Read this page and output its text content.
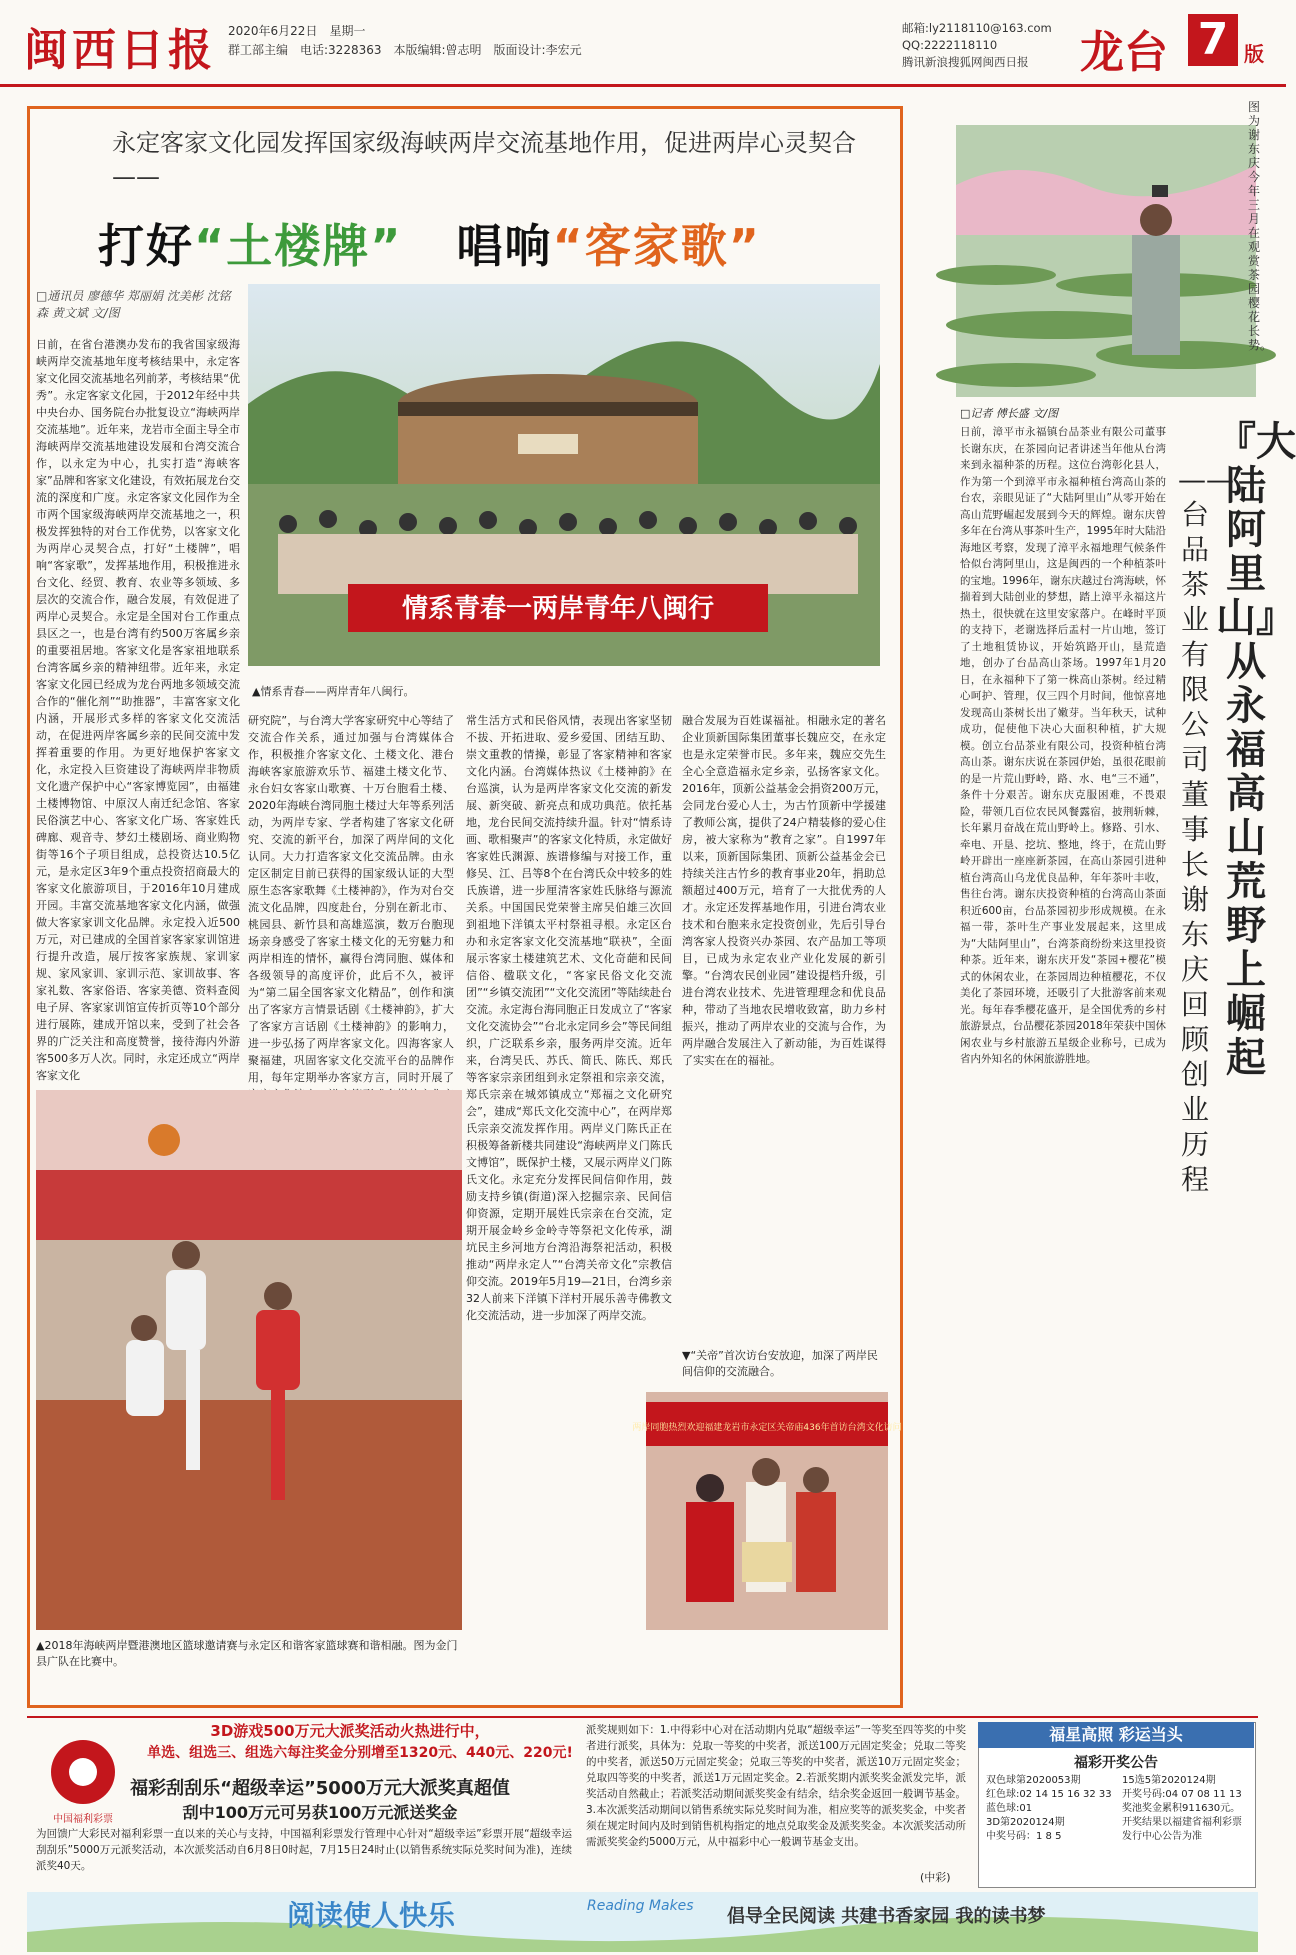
闽西日报 2020年6月22日　星期一
群工部主编　电话:3228363　本版编辑:曾志明　版面设计:李宏元
邮箱:ly2118110@163.com
QQ:2222118110
腾讯新浪搜狐网闽西日报	龙台 7 版
永定客家文化园发挥国家级海峡两岸交流基地作用，促进两岸心灵契合——
打好“土楼牌” 唱响“客家歌”
□通讯员 廖德华 郑丽娟 沈美彬 沈铭森 黄文斌 文/图
情系青春一两岸青年八闽行
▲情系青春——两岸青年八闽行。
日前，在省台港澳办发布的我省国家级海峡两岸交流基地年度考核结果中，永定客家文化园交流基地名列前茅，考核结果“优秀”。永定客家文化园，于2012年经中共中央台办、国务院台办批复设立“海峡两岸交流基地”。近年来，龙岩市全面主导全市海峡两岸交流基地建设发展和台湾交流合作，以永定为中心，扎实打造“海峡客家”品牌和客家文化建设，有效拓展龙台交流的深度和广度。永定客家文化园作为全市两个国家级海峡两岸交流基地之一，积极发挥独特的对台工作优势，以客家文化为两岸心灵契合点，打好“土楼牌”，唱响“客家歌”，发挥基地作用，积极推进永台文化、经贸、教育、农业等多领域、多层次的交流合作，融合发展，有效促进了两岸心灵契合。永定是全国对台工作重点县区之一，也是台湾有约500万客属乡亲的重要祖居地。客家文化是客家祖地联系台湾客属乡亲的精神纽带。近年来，永定客家文化园已经成为龙台两地多领域交流合作的“催化剂”“助推器”，丰富客家文化内涵，开展形式多样的客家文化交流活动，在促进两岸客属乡亲的民间交流中发挥着重要的作用。为更好地保护客家文化，永定投入巨资建设了海峡两岸非物质文化遗产保护中心“客家博览园”，由福建土楼博物馆、中原汉人南迁纪念馆、客家民俗演艺中心、客家文化广场、客家姓氏碑廊、观音寺、梦幻土楼剧场、商业购物街等16个子项目组成，总投资达10.5亿元，是永定区3年9个重点投资招商最大的客家文化旅游项目，于2016年10月建成开园。丰富交流基地客家文化内涵，做强做大客家家训文化品牌。永定投入近500万元，对已建成的全国首家客家家训馆进行提升改造，展厅按客家族规、家训家规、家风家训、家训示范、家训故事、客家礼数、客家俗语、客家美德、资料查阅电子屏、客家家训馆宣传折页等10个部分进行展陈，建成开馆以来，受到了社会各界的广泛关注和高度赞誉，接待海内外游客500多万人次。同时，永定还成立“两岸客家文化
研究院”，与台湾大学客家研究中心等结了交流合作关系，通过加强与台湾媒体合作，积极推介客家文化、土楼文化、港台海峡客家旅游欢乐节、福建土楼文化节、永台妇女客家山歌赛、十万台胞看土楼、2020年海峡台湾同胞土楼过大年等系列活动，为两岸专家、学者构建了客家文化研究、交流的新平台，加深了两岸间的文化认同。大力打造客家文化交流品牌。由永定区制定目前已获得的国家级认证的大型原生态客家歌舞《土楼神韵》，作为对台交流文化品牌，四度赴台，分别在新北市、桃园县、新竹县和高雄巡演，数万台胞现场亲身感受了客家土楼文化的无穷魅力和两岸相连的情怀，赢得台湾同胞、媒体和各级领导的高度评价，此后不久，被评为“第二届全国客家文化精品”，创作和演出了客家方言情景话剧《土楼神韵》，扩大了客家方言话剧《土楼神韵》的影响力，进一步弘扬了两岸客家文化。四海客家人聚福建，巩固客家文化交流平台的品牌作用，每年定期举办客家方言，同时开展了
常生活方式和民俗风情，表现出客家坚韧不拔、开拓进取、爱乡爱国、团结互助、崇文重教的情操，彰显了客家精神和客家文化内涵。台湾媒体热议《土楼神韵》在台巡演，认为是两岸客家文化交流的新发展、新突破、新亮点和成功典范。依托基地，龙台民间交流持续升温。针对“情系诗画、歌相聚声”的客家文化特质，永定做好客家姓氏渊源、族谱修编与对接工作，重修吴、江、吕等8个在台湾氏众中较多的姓氏族谱，进一步厘清客家姓氏脉络与源流关系。中国国民党荣誉主席吴伯雄三次回到祖地下洋镇太平村祭祖寻根。永定区台办和永定客家文化交流基地“联袂”，全面展示客家土楼建筑艺术、文化奇葩和民间信俗、楹联文化，“客家民俗文化交流团”“乡镇交流团”“文化交流团”等陆续赴台交流。永定海台海同胞正日发成立了“客家文化交流协会”“台北永定同乡会”等民间组织，广泛联系乡亲，服务两岸交流。近年来，台湾吴氏、苏氏、简氏、陈氏、郑氏等客家宗亲团组到永定祭祖和宗亲交流，郑氏宗亲在城郊镇成立“郑福之文化研究会”，建成“郑氏文化交流中心”，在两岸郑氏宗亲交流发挥作用。两岸义门陈氏正在积极筹备新楼共同建设“海峡两岸义门陈氏文博馆”，既保护土楼，又展示两岸义门陈氏文化。永定充分发挥民间信仰作用，鼓励支持乡镇(街道)深入挖掘宗亲、民间信仰资源，定期开展姓氏宗亲在台交流，定期开展金岭乡金岭寺等祭祀文化传承，湖坑民主乡河地方台湾沿海祭祀活动，积极推动“两岸永定人”“台湾关帝文化”宗教信仰交流。2019年5月19—21日，台湾乡亲32人前来下洋镇下洋村开展乐善寺佛教文化交流活动，进一步加深了两岸交流。
融合发展为百姓谋福祉。相融永定的著名企业顶新国际集团董事长魏应交，在永定也是永定荣誉市民。多年来，魏应交先生全心全意造福永定乡亲，弘扬客家文化。2016年，顶新公益基金会捐资200万元，会同龙台爱心人士，为古竹顶新中学援建了教师公寓，提供了24户精装修的爱心住房，被大家称为“教育之家”。自1997年以来，顶新国际集团、顶新公益基金会已持续关注古竹乡的教育事业20年，捐助总额超过400万元，培育了一大批优秀的人才。永定还发挥基地作用，引进台湾农业技术和台胞来永定投资创业，先后引导台湾客家人投资兴办茶园、农产品加工等项目，已成为永定农业产业化发展的新引擎。“台湾农民创业园”建设提档升级，引进台湾农业技术、先进管理理念和优良品种，带动了当地农民增收致富，助力乡村振兴，推动了两岸农业的交流与合作，为两岸融合发展注入了新动能，为百姓谋得了实实在在的福祉。
▲2018年海峡两岸暨港澳地区篮球邀请赛与永定区和谐客家篮球赛和谐相融。图为金门县广队在比赛中。
两岸同胞热烈欢迎福建龙岩市永定区关帝庙436年首访台湾文化访问
▼“关帝”首次访台安放迎，加深了两岸民间信仰的交流融合。
图为谢东庆今年三月在观赏茶园樱花长势。
『大陆阿里山』从永福高山荒野上崛起
——台品茶业有限公司董事长谢东庆回顾创业历程
□记者 傅长盛 文/图
日前，漳平市永福镇台品茶业有限公司董事长谢东庆，在茶园向记者讲述当年他从台湾来到永福种茶的历程。这位台湾彰化县人，作为第一个到漳平市永福种植台湾高山茶的台农，亲眼见证了“大陆阿里山”从零开始在高山荒野崛起发展到今天的辉煌。谢东庆曾多年在台湾从事茶叶生产，1995年时大陆沿海地区考察，发现了漳平永福地理气候条件恰似台湾阿里山，这是闽西的一个种植茶叶的宝地。1996年，谢东庆越过台湾海峡，怀揣着到大陆创业的梦想，踏上漳平永福这片热土，很快就在这里安家落户。在峰时平顶的支持下，老谢选择后盂村一片山地，签订了土地租赁协议，开始筑路开山，垦荒造地，创办了台品高山茶场。1997年1月20日，在永福种下了第一株高山茶树。经过精心呵护、管理，仅三四个月时间，他惊喜地发现高山茶树长出了嫩芽。当年秋天，试种成功，促使他下决心大面积种植，扩大规模。创立台品茶业有限公司，投资种植台湾高山茶。谢东庆说在茶园伊始，虽很花眼前的是一片荒山野岭，路、水、电“三不通”，条件十分艰苦。谢东庆克服困难，不畏艰险，带领几百位农民风餐露宿，披荆斩棘，长年累月奋战在荒山野岭上。修路、引水、牵电、开垦、挖坑、整地，终于，在荒山野岭开辟出一座座新茶园，在高山茶园引进种植台湾高山乌龙优良品种，年年茶叶丰收，售往台湾。谢东庆投资种植的台湾高山茶面积近600亩，台品茶园初步形成规模。在永福一带，茶叶生产事业发展起来，这里成为“大陆阿里山”，台湾茶商纷纷来这里投资种茶。近年来，谢东庆开发“茶园+樱花”模式的休闲农业，在茶园周边种植樱花，不仅美化了茶园环境，还吸引了大批游客前来观光。每年春季樱花盛开，是全国优秀的乡村旅游景点，台品樱花茶园2018年荣获中国休闲农业与乡村旅游五星级企业称号，已成为省内外知名的休闲旅游胜地。
中国福利彩票
3D游戏500万元大派奖活动火热进行中，
单选、组选三、组选六每注奖金分别增至1320元、440元、220元!
福彩刮刮乐“超级幸运”5000万元大派奖真超值
刮中100万元可另获100万元派送奖金
为回馈广大彩民对福利彩票一直以来的关心与支持，中国福利彩票发行管理中心针对“超级幸运”彩票开展“超级幸运刮刮乐”5000万元派奖活动，本次派奖活动自6月8日0时起，7月15日24时止(以销售系统实际兑奖时间为准)，连续派奖40天。
派奖规则如下：1.中得彩中心对在活动期内兑取“超级幸运”一等奖至四等奖的中奖者进行派奖，具体为：兑取一等奖的中奖者，派送100万元固定奖金；兑取二等奖的中奖者，派送50万元固定奖金；兑取三等奖的中奖者，派送10万元固定奖金；兑取四等奖的中奖者，派送1万元固定奖金。2.若派奖期内派奖奖金派发完毕，派奖活动自然截止；若派奖活动期间派奖奖金有结余，结余奖金返回一般调节基金。3.本次派奖活动期间以销售系统实际兑奖时间为准，相应奖等的派奖奖金，中奖者须在规定时间内及时到销售机构指定的地点兑取奖金及派奖奖金。本次派奖活动所需派奖奖金约5000万元，从中福彩中心一般调节基金支出。
(中彩)
福星高照 彩运当头
福彩开奖公告
双色球第2020053期
红色球:02 14 15 16 32 33
蓝色球:01
3D第2020124期
中奖号码：1 8 5
15选5第2020124期
开奖号码:04 07 08 11 13
奖池奖金累积911630元。
开奖结果以福建省福利彩票
发行中心公告为准
阅读使人快乐	Reading Makes 倡导全民阅读 共建书香家园 我的读书梦
